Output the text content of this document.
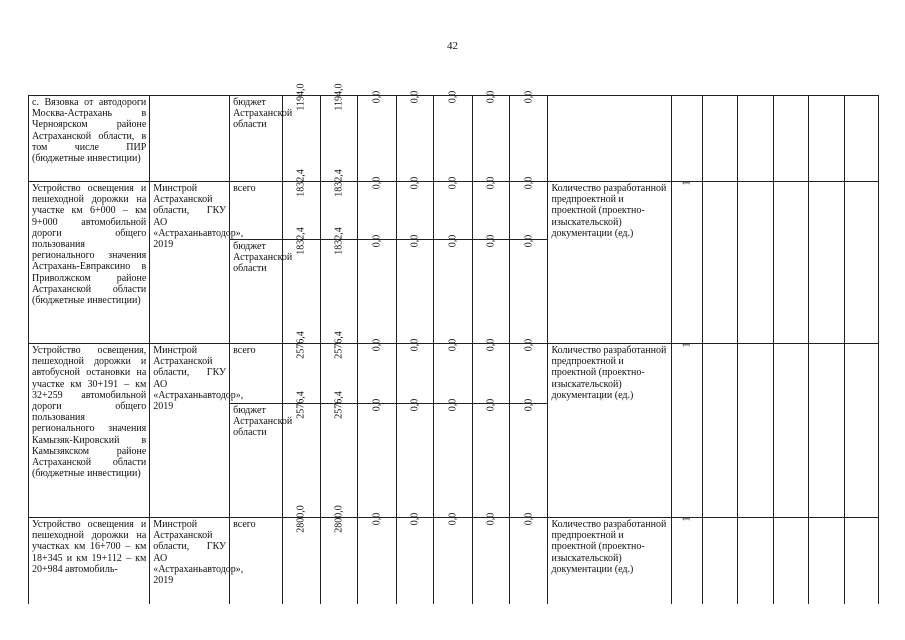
42
с. Вязовка от автодороги Москва-Астрахань в Черноярском районе Астраханской области, в том числе ПИР (бюджетные инвестиции)		бюджет Астраханской области	1194,0	1194,0	0,0	0,0	0,0	0,0	0,0							

Устройство освещения и пешеходной дорожки на участке км 6+000 – км 9+000 автомобильной дороги общего пользования регионального значения Астрахань-Евпраксино в Приволжском районе Астраханской области (бюджетные инвестиции)	Минстрой Астраханской области, ГКУ АО «Астраханьавтодор», 2019	всего	1832,4	1832,4	0,0	0,0	0,0	0,0	0,0	Количество разработанной предпроектной и проектной (проектно-изыскательской) документации (ед.)	1					

		бюджет Астраханской области	1832,4	1832,4	0,0	0,0	0,0	0,0	0,0							

Устройство освещения, пешеходной дорожки и автобусной остановки на участке км 30+191 – км 32+259 автомобильной дороги общего пользования регионального значения Камызяк-Кировский в Камызякском районе Астраханской области (бюджетные инвестиции)	Минстрой Астраханской области, ГКУ АО «Астраханьавтодор», 2019	всего	2576,4	2576,4	0,0	0,0	0,0	0,0	0,0	Количество разработанной предпроектной и проектной (проектно-изыскательской) документации (ед.)	1					

		бюджет Астраханской области	2576,4	2576,4	0,0	0,0	0,0	0,0	0,0							

Устройство освещения и пешеходной дорожки на участках км 16+700 – км 18+345 и км 19+112 – км 20+984 автомобиль-	Минстрой Астраханской области, ГКУ АО «Астраханьавтодор», 2019	всего	2800,0	2800,0	0,0	0,0	0,0	0,0	0,0	Количество разработанной предпроектной и проектной (проектно-изыскательской) документации (ед.)	1					
